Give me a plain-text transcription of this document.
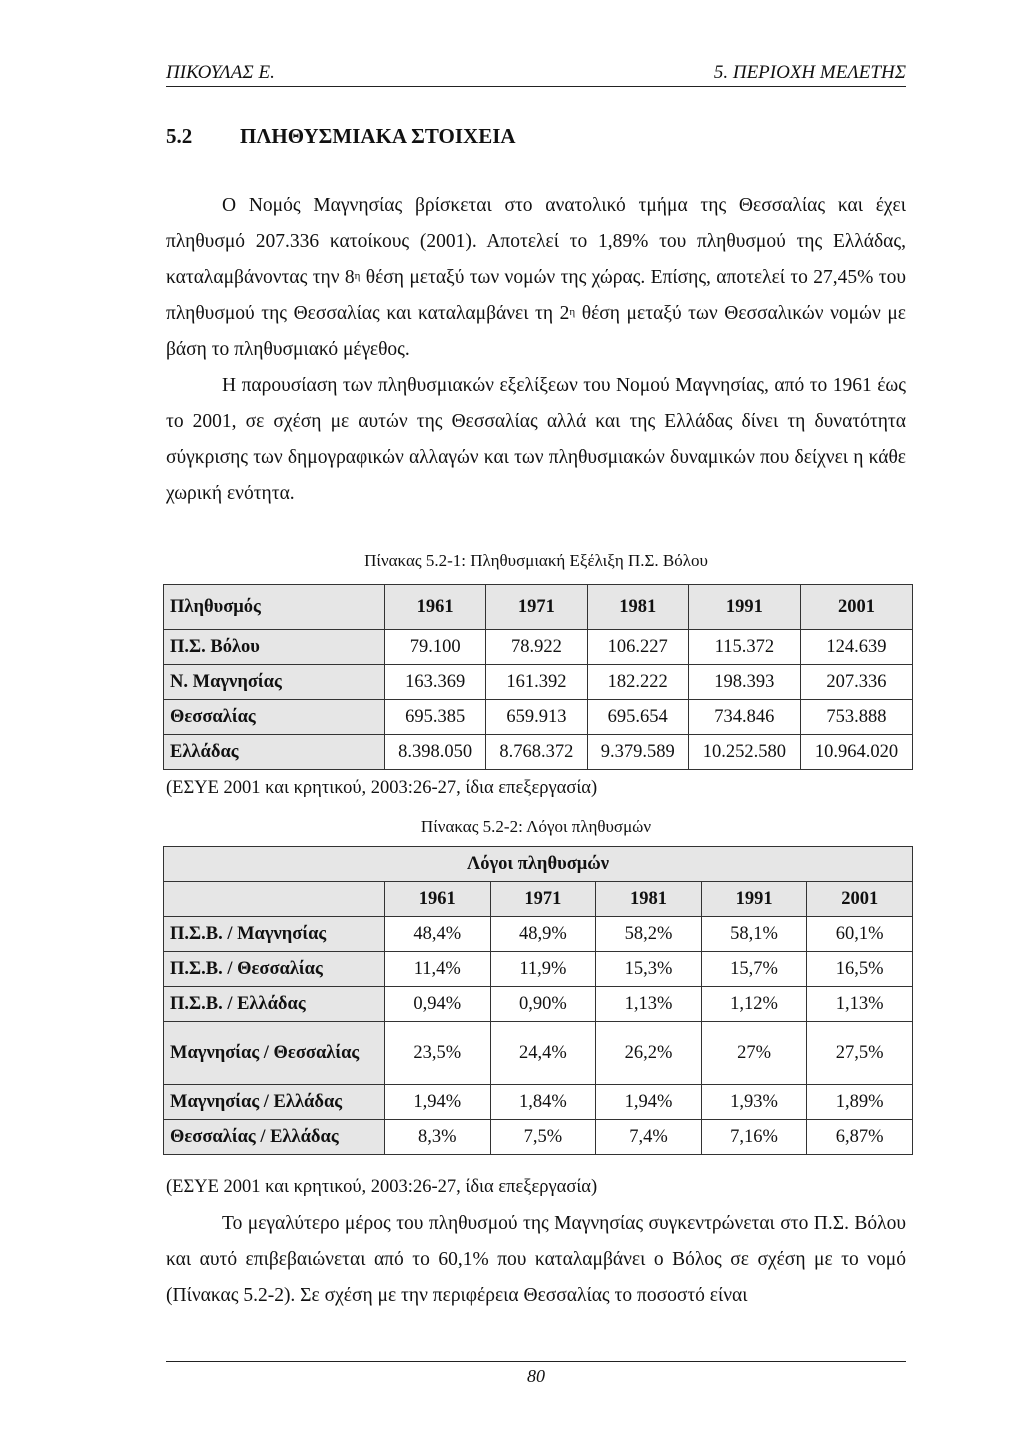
ΠΙΚΟΥΛΑΣ Ε.	5. ΠΕΡΙΟΧΗ ΜΕΛΕΤΗΣ
5.2 ΠΛΗΘΥΣΜΙΑΚΑ ΣΤΟΙΧΕΙΑ
Ο Νομός Μαγνησίας βρίσκεται στο ανατολικό τμήμα της Θεσσαλίας και έχει πληθυσμό 207.336 κατοίκους (2001). Αποτελεί το 1,89% του πληθυσμού της Ελλάδας, καταλαμβάνοντας την $8^\eta$ θέση μεταξύ των νομών της χώρας. Επίσης, αποτελεί το 27,45% του πληθυσμού της Θεσσαλίας και καταλαμβάνει τη $2^\eta$ θέση μεταξύ των Θεσσαλικών νομών με βάση το πληθυσμιακό μέγεθος.
Η παρουσίαση των πληθυσμιακών εξελίξεων του Νομού Μαγνησίας, από το 1961 έως το 2001, σε σχέση με αυτών της Θεσσαλίας αλλά και της Ελλάδας δίνει τη δυνατότητα σύγκρισης των δημογραφικών αλλαγών και των πληθυσμιακών δυναμικών που δείχνει η κάθε χωρική ενότητα.
Πίνακας 5.2-1: Πληθυσμιακή Εξέλιξη Π.Σ. Βόλου
Πληθυσμός	1961	1971	1981	1991	2001
Π.Σ. Βόλου	79.100	78.922	106.227	115.372	124.639
Ν. Μαγνησίας	163.369	161.392	182.222	198.393	207.336
Θεσσαλίας	695.385	659.913	695.654	734.846	753.888
Ελλάδας	8.398.050	8.768.372	9.379.589	10.252.580	10.964.020
(ΕΣΥΕ 2001 και κρητικού, 2003:26-27, ίδια επεξεργασία)
Πίνακας 5.2-2: Λόγοι πληθυσμών
Λόγοι πληθυσμών					
	1961	1971	1981	1991	2001
Π.Σ.Β. / Μαγνησίας	48,4%	48,9%	58,2%	58,1%	60,1%
Π.Σ.Β. / Θεσσαλίας	11,4%	11,9%	15,3%	15,7%	16,5%
Π.Σ.Β. / Ελλάδας	0,94%	0,90%	1,13%	1,12%	1,13%
Μαγνησίας / Θεσσαλίας	23,5%	24,4%	26,2%	27%	27,5%
Μαγνησίας / Ελλάδας	1,94%	1,84%	1,94%	1,93%	1,89%
Θεσσαλίας / Ελλάδας	8,3%	7,5%	7,4%	7,16%	6,87%
(ΕΣΥΕ 2001 και κρητικού, 2003:26-27, ίδια επεξεργασία)
Το μεγαλύτερο μέρος του πληθυσμού της Μαγνησίας συγκεντρώνεται στο Π.Σ. Βόλου και αυτό επιβεβαιώνεται από το 60,1% που καταλαμβάνει ο Βόλος σε σχέση με το νομό (Πίνακας 5.2-2). Σε σχέση με την περιφέρεια Θεσσαλίας το ποσοστό είναι
80
